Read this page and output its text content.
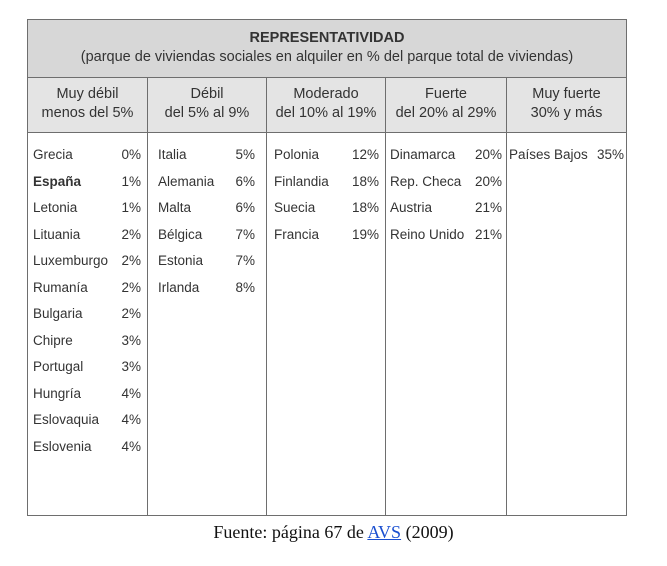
REPRESENTATIVIDAD
(parque de viviendas sociales en alquiler en % del parque total de viviendas)
Muy débil
menos del 5%
Débil
del 5% al 9%
Moderado
del 10% al 19%
Fuerte
del 20% al 29%
Muy fuerte
30% y más
Grecia	0%
España	1%
Letonia	1%
Lituania	2%
Luxemburgo 2%
Rumanía 2%
Bulgaria	2%
Chipre	3%
Portugal	3%
Hungría	4%
Eslovaquia 4%
Eslovenia 4%
Italia	5%
Alemania 6%
Malta	6%
Bélgica 7%
Estonia 7%
Irlanda	8%
Polonia 12%
Finlandia 18%
Suecia	18%
Francia 19%
Dinamarca 20%
Rep. Checa 20%
Austria	21%
Reino Unido 21%
Países Bajos 35%
Fuente: página 67 de AVS (2009)
